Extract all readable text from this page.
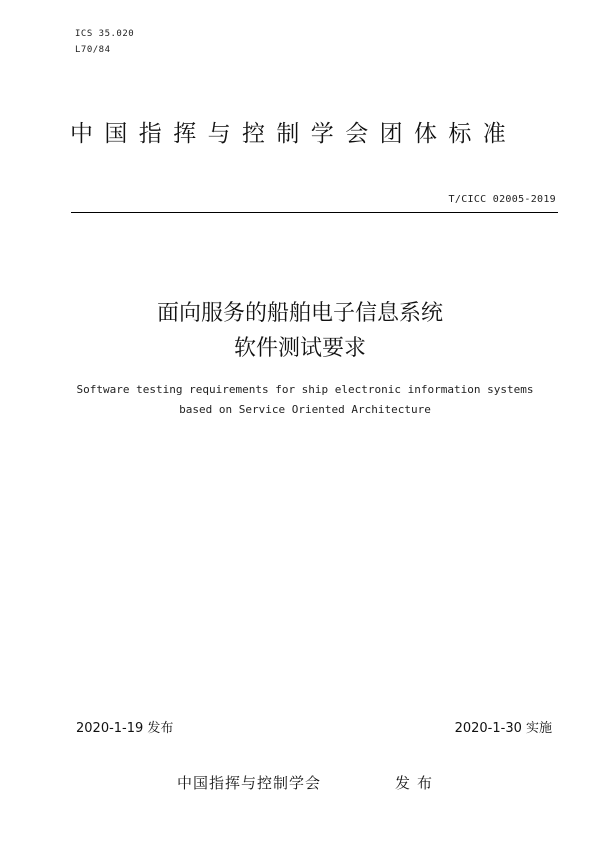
ICS 35.020
L70/84
中国指挥与控制学会团体标准
T/CICC 02005-2019
面向服务的船舶电子信息系统
软件测试要求
Software testing requirements for ship electronic information systems
based on Service Oriented Architecture
2020-1-19 发布	2020-1-30 实施
中国指挥与控制学会	发布
